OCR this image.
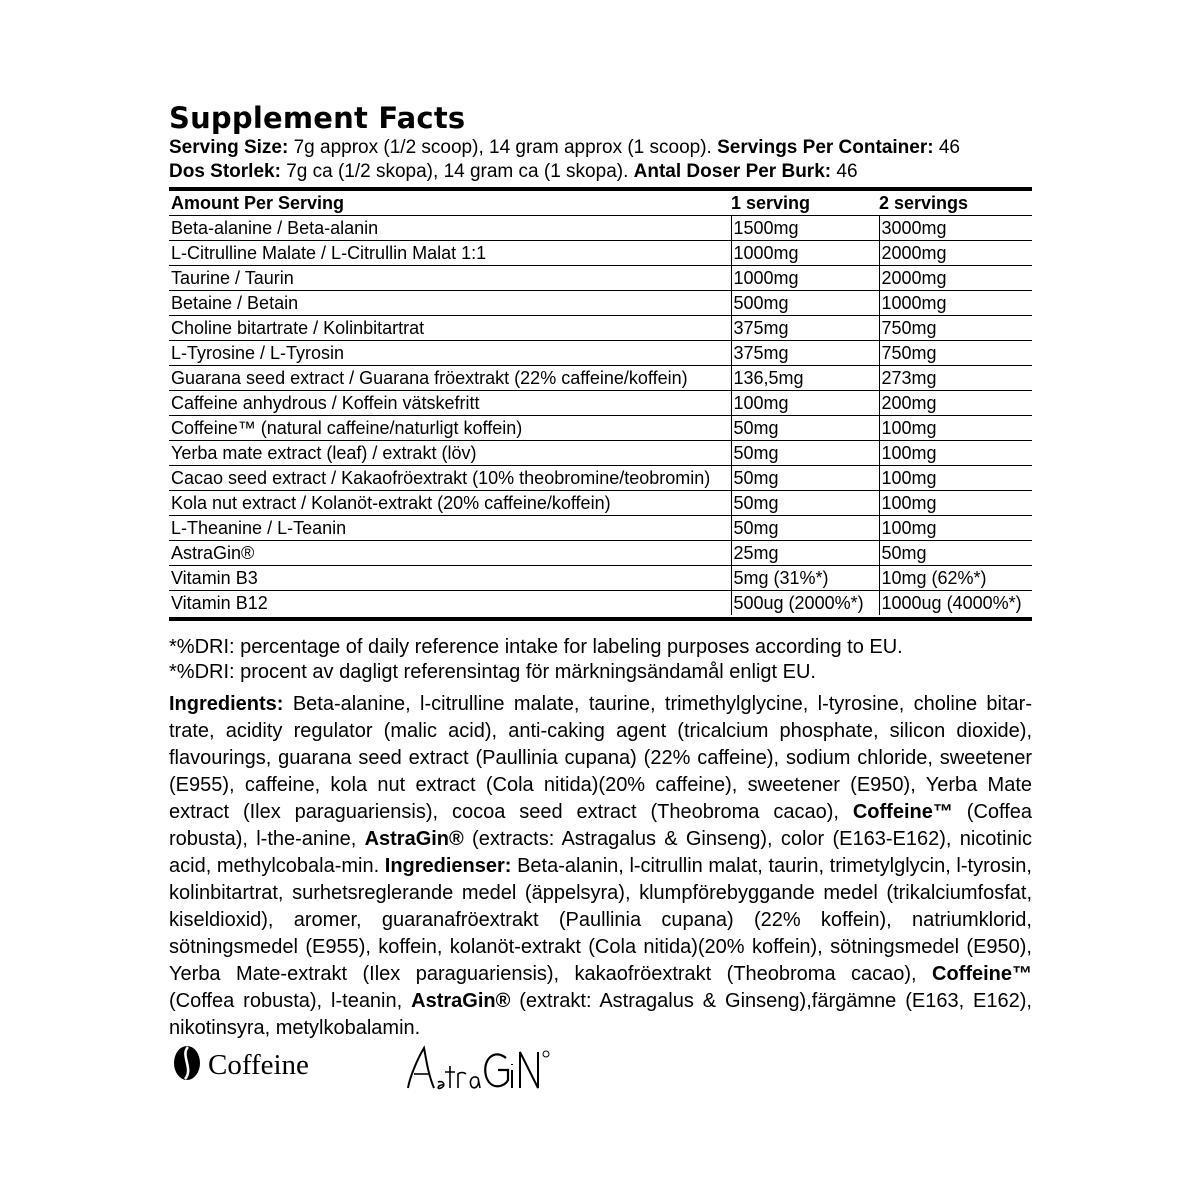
Supplement Facts
Serving Size: 7g approx (1/2 scoop), 14 gram approx (1 scoop). Servings Per Container: 46
Dos Storlek: 7g ca (1/2 skopa), 14 gram ca (1 skopa). Antal Doser Per Burk: 46
Amount Per Serving	1 serving	2 servings
Beta-alanine / Beta-alanin	1500mg	3000mg
L-Citrulline Malate / L-Citrullin Malat 1:1	1000mg	2000mg
Taurine / Taurin	1000mg	2000mg
Betaine / Betain	500mg	1000mg
Choline bitartrate / Kolinbitartrat	375mg	750mg
L-Tyrosine / L-Tyrosin	375mg	750mg
Guarana seed extract / Guarana fröextrakt (22% caffeine/koffein)	136,5mg	273mg
Caffeine anhydrous / Koffein vätskefritt	100mg	200mg
Coffeine™ (natural caffeine/naturligt koffein)	50mg	100mg
Yerba mate extract (leaf) / extrakt (löv)	50mg	100mg
Cacao seed extract / Kakaofröextrakt (10% theobromine/teobromin)	50mg	100mg
Kola nut extract / Kolanöt-extrakt (20% caffeine/koffein)	50mg	100mg
L-Theanine / L-Teanin	50mg	100mg
AstraGin®	25mg	50mg
Vitamin B3	5mg (31%*)	10mg (62%*)
Vitamin B12	500ug (2000%*)	1000ug (4000%*)
*%DRI: percentage of daily reference intake for labeling purposes according to EU.
*%DRI: procent av dagligt referensintag för märkningsändamål enligt EU.
Ingredients: Beta-alanine, l-citrulline malate, taurine, trimethylglycine, l-tyrosine, choline bitar-trate, acidity regulator (malic acid), anti-caking agent (tricalcium phosphate, silicon dioxide), flavourings, guarana seed extract (Paullinia cupana) (22% caffeine), sodium chloride, sweetener (E955), caffeine, kola nut extract (Cola nitida)(20% caffeine), sweetener (E950), Yerba Mate extract (Ilex paraguariensis), cocoa seed extract (Theobroma cacao), Coffeine™ (Coffea robusta), l-the-anine, AstraGin® (extracts: Astragalus & Ginseng), color (E163-E162), nicotinic acid, methylcobala-min. Ingredienser: Beta-alanin, l-citrullin malat, taurin, trimetylglycin, l-tyrosin, kolinbitartrat, surhetsreglerande medel (äppelsyra), klumpförebyggande medel (trikalciumfosfat, kiseldioxid), aromer, guaranafröextrakt (Paullinia cupana) (22% koffein), natriumklorid, sötningsmedel (E955), koffein, kolanöt-extrakt (Cola nitida)(20% koffein), sötningsmedel (E950), Yerba Mate-extrakt (Ilex paraguariensis), kakaofröextrakt (Theobroma cacao), Coffeine™ (Coffea robusta), l-teanin, AstraGin® (extrakt: Astragalus & Ginseng),färgämne (E163, E162), nikotinsyra, metylkobalamin.
Coffeine
